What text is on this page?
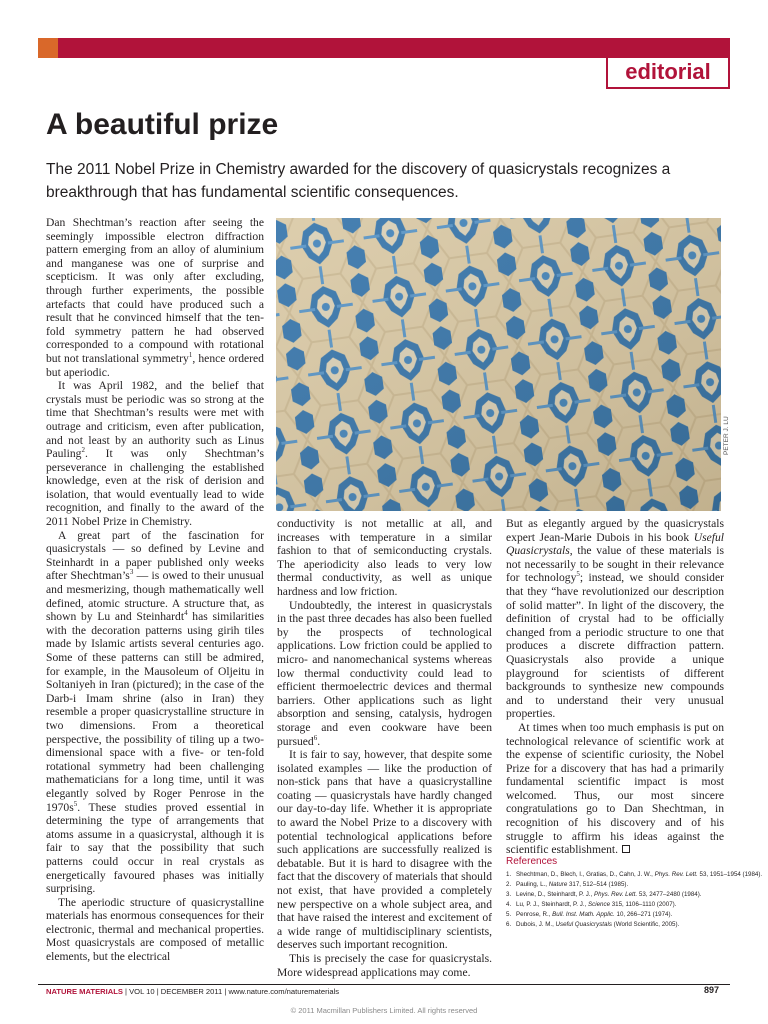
editorial
A beautiful prize

The 2011 Nobel Prize in Chemistry awarded for the discovery of quasicrystals recognizes a breakthrough that has fundamental scientific consequences.

Dan Shechtman’s reaction after seeing the seemingly impossible electron diffraction pattern emerging from an alloy of aluminium and manganese was one of surprise and scepticism. It was only after excluding, through further experiments, the possible artefacts that could have produced such a result that he convinced himself that the ten-fold symmetry pattern he had observed corresponded to a compound with rotational but not translational symmetry$^1$, hence ordered but aperiodic.

It was April 1982, and the belief that crystals must be periodic was so strong at the time that Shechtman’s results were met with outrage and criticism, even after publication, and not least by an authority such as Linus Pauling$^2$. It was only Shechtman’s perseverance in challenging the established knowledge, even at the risk of derision and isolation, that would eventually lead to wide recognition, and finally to the award of the 2011 Nobel Prize in Chemistry.

A great part of the fascination for quasicrystals — so defined by Levine and Steinhardt in a paper published only weeks after $Shechtman’s^3$ — is owed to their unusual and mesmerizing, though mathematically well defined, atomic structure. A structure that, as shown by Lu and Steinhardt$^4$ has similarities with the decoration patterns using girih tiles made by Islamic artists several centuries ago. Some of these patterns can still be admired, for example, in the Mausoleum of Oljeitu in Soltaniyeh in Iran (pictured); in the case of the Darb-i Imam shrine (also in Iran) they resemble a proper quasicrystalline structure in two dimensions. From a theoretical perspective, the possibility of tiling up a two-dimensional space with a five- or ten-fold rotational symmetry had been challenging mathematicians for a long time, until it was elegantly solved by Roger Penrose in the $1970s^5$. These studies proved essential in determining the type of arrangements that atoms assume in a quasicrystal, although it is fair to say that the possibility that such patterns could occur in real crystals as energetically favoured phases was initially surprising.

The aperiodic structure of quasicrystalline materials has enormous consequences for their electronic, thermal and mechanical properties. Most quasicrystals are composed of metallic elements, but the electrical

PETER J. LU

conductivity is not metallic at all, and increases with temperature in a similar fashion to that of semiconducting crystals. The aperiodicity also leads to very low thermal conductivity, as well as unique hardness and low friction.

Undoubtedly, the interest in quasicrystals in the past three decades has also been fuelled by the prospects of technological applications. Low friction could be applied to micro- and nanomechanical systems whereas low thermal conductivity could lead to efficient thermoelectric devices and thermal barriers. Other applications such as light absorption and sensing, catalysis, hydrogen storage and even cookware have been pursued$^6$.

It is fair to say, however, that despite some isolated examples — like the production of non-stick pans that have a quasicrystalline coating — quasicrystals have hardly changed our day-to-day life. Whether it is appropriate to award the Nobel Prize to a discovery with potential technological applications before such applications are successfully realized is debatable. But it is hard to disagree with the fact that the discovery of materials that should not exist, that have provided a completely new perspective on a whole subject area, and that have raised the interest and excitement of a wide range of multidisciplinary scientists, deserves such important recognition.

This is precisely the case for quasicrystals. More widespread applications may come.

But as elegantly argued by the quasicrystals expert Jean-Marie Dubois in his book Useful Quasicrystals, the value of these materials is not necessarily to be sought in their relevance for technology$^5$; instead, we should consider that they “have revolutionized our description of solid matter”. In light of the discovery, the definition of crystal had to be officially changed from a periodic structure to one that produces a discrete diffraction pattern. Quasicrystals also provide a unique playground for scientists of different backgrounds to synthesize new compounds and to understand their very unusual properties.

At times when too much emphasis is put on technological relevance of scientific work at the expense of scientific curiosity, the Nobel Prize for a discovery that has had a primarily fundamental scientific impact is most welcomed. Thus, our most sincere congratulations go to Dan Shechtman, in recognition of his discovery and of his struggle to affirm his ideas against the scientific establishment.

References
1. Shechtman, D., Blech, I., Gratias, D., Cahn, J. W., Phys. Rev. Lett. 53, 1951–1954 (1984).
2. Pauling, L., Nature 317, 512–514 (1985).
3. Levine, D., Steinhardt, P. J., Phys. Rev. Lett. 53, 2477–2480 (1984).
4. Lu, P. J., Steinhardt, P. J., Science 315, 1106–1110 (2007).
5. Penrose, R., Bull. Inst. Math. Applic. 10, 266–271 (1974).
6. Dubois, J. M., Useful Quasicrystals (World Scientific, 2005).
NATURE MATERIALS | VOL 10 | DECEMBER 2011 | www.nature.com/naturematerials	897
© 2011 Macmillan Publishers Limited. All rights reserved
